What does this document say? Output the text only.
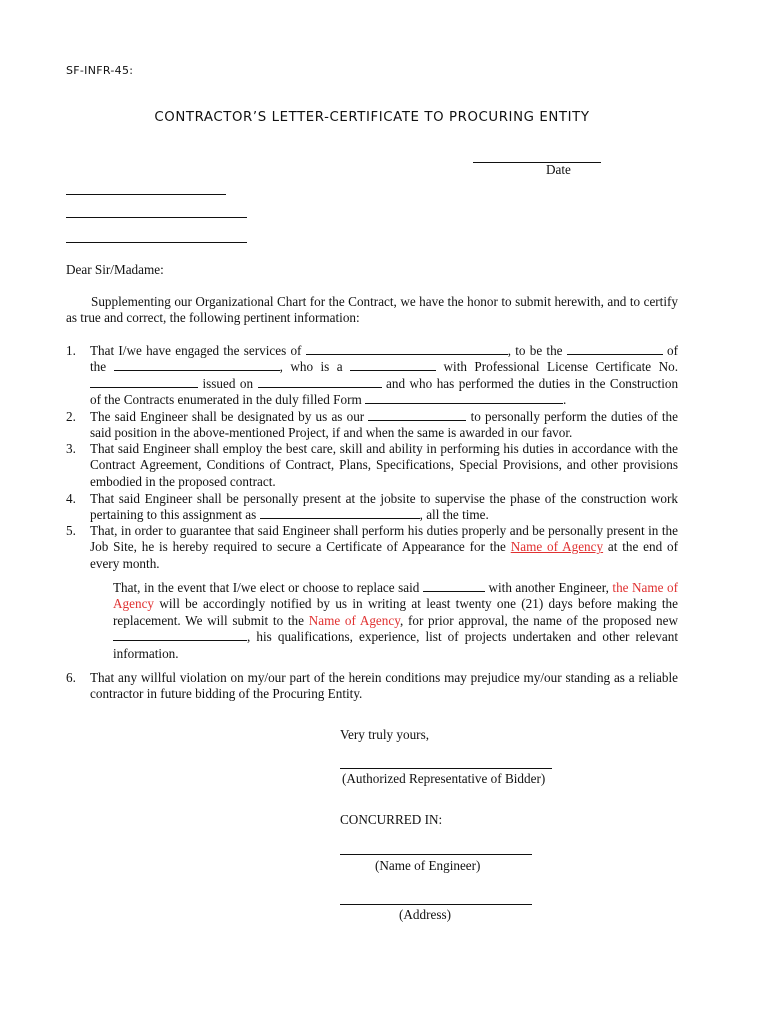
SF-INFR-45:
CONTRACTOR’S LETTER-CERTIFICATE TO PROCURING ENTITY
Date
Dear Sir/Madame:
Supplementing our Organizational Chart for the Contract, we have the honor to submit herewith, and to certify as true and correct, the following pertinent information:
1.	That I/we have engaged the services of	, to be the	of the	, who is a	with Professional License Certificate No.  issued on	and who has performed the duties in the Construction of the Contracts enumerated in the duly filled Form	.
2.	The said Engineer shall be designated by us as our	to personally perform the duties of the said position in the above-mentioned Project, if and when the same is awarded in our favor.
3.	That said Engineer shall employ the best care, skill and ability in performing his duties in accordance with the Contract Agreement, Conditions of Contract, Plans, Specifications, Special Provisions, and other provisions embodied in the proposed contract.
4.	That said Engineer shall be personally present at the jobsite to supervise the phase of the construction work pertaining to this assignment as	, all the time.
5.	That, in order to guarantee that said Engineer shall perform his duties properly and be personally present in the Job Site, he is hereby required to secure a Certificate of Appearance for the Name of Agency at the end of every month.
That, in the event that I/we elect or choose to replace said	with another Engineer, the Name of Agency will be accordingly notified by us in writing at least twenty one (21) days before making the replacement. We will submit to the Name of Agency, for prior approval, the name of the proposed new , his qualifications, experience, list of projects undertaken and other relevant information.
6.	That any willful violation on my/our part of the herein conditions may prejudice my/our standing as a reliable contractor in future bidding of the Procuring Entity.
Very truly yours,
(Authorized Representative of Bidder)
CONCURRED IN:
(Name of Engineer)
(Address)
